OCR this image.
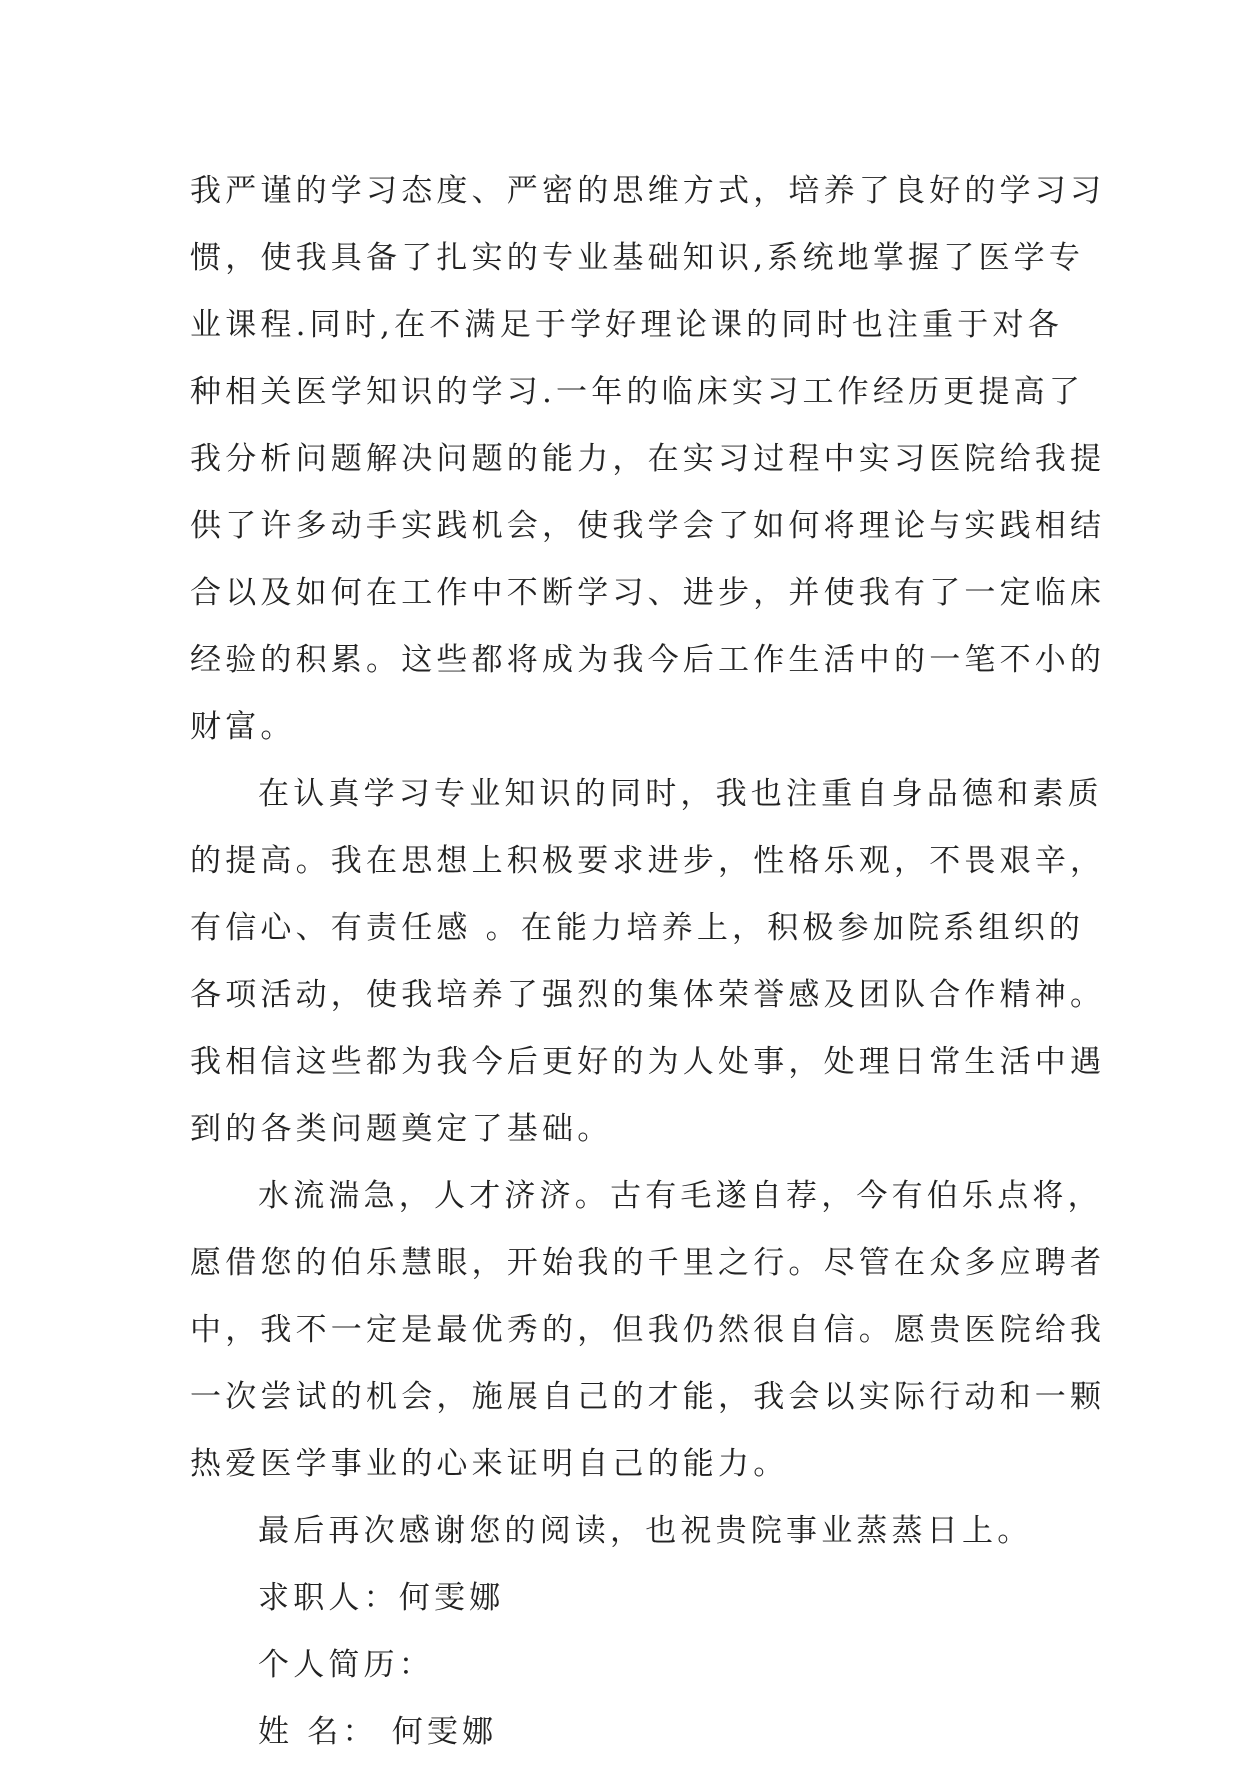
我严谨的学习态度、严密的思维方式，培养了良好的学习习
惯，使我具备了扎实的专业基础知识,系统地掌握了医学专
业课程.同时,在不满足于学好理论课的同时也注重于对各
种相关医学知识的学习.一年的临床实习工作经历更提高了
我分析问题解决问题的能力，在实习过程中实习医院给我提
供了许多动手实践机会，使我学会了如何将理论与实践相结
合以及如何在工作中不断学习、进步，并使我有了一定临床
经验的积累。这些都将成为我今后工作生活中的一笔不小的
财富。
在认真学习专业知识的同时，我也注重自身品德和素质
的提高。我在思想上积极要求进步，性格乐观，不畏艰辛，
有信心、有责任感 。在能力培养上，积极参加院系组织的
各项活动，使我培养了强烈的集体荣誉感及团队合作精神。
我相信这些都为我今后更好的为人处事，处理日常生活中遇
到的各类问题奠定了基础。
水流湍急，人才济济。古有毛遂自荐，今有伯乐点将，
愿借您的伯乐慧眼，开始我的千里之行。尽管在众多应聘者
中，我不一定是最优秀的，但我仍然很自信。愿贵医院给我
一次尝试的机会，施展自己的才能，我会以实际行动和一颗
热爱医学事业的心来证明自己的能力。
最后再次感谢您的阅读，也祝贵院事业蒸蒸日上。
求职人：何雯娜
个人简历：
姓 名： 何雯娜
